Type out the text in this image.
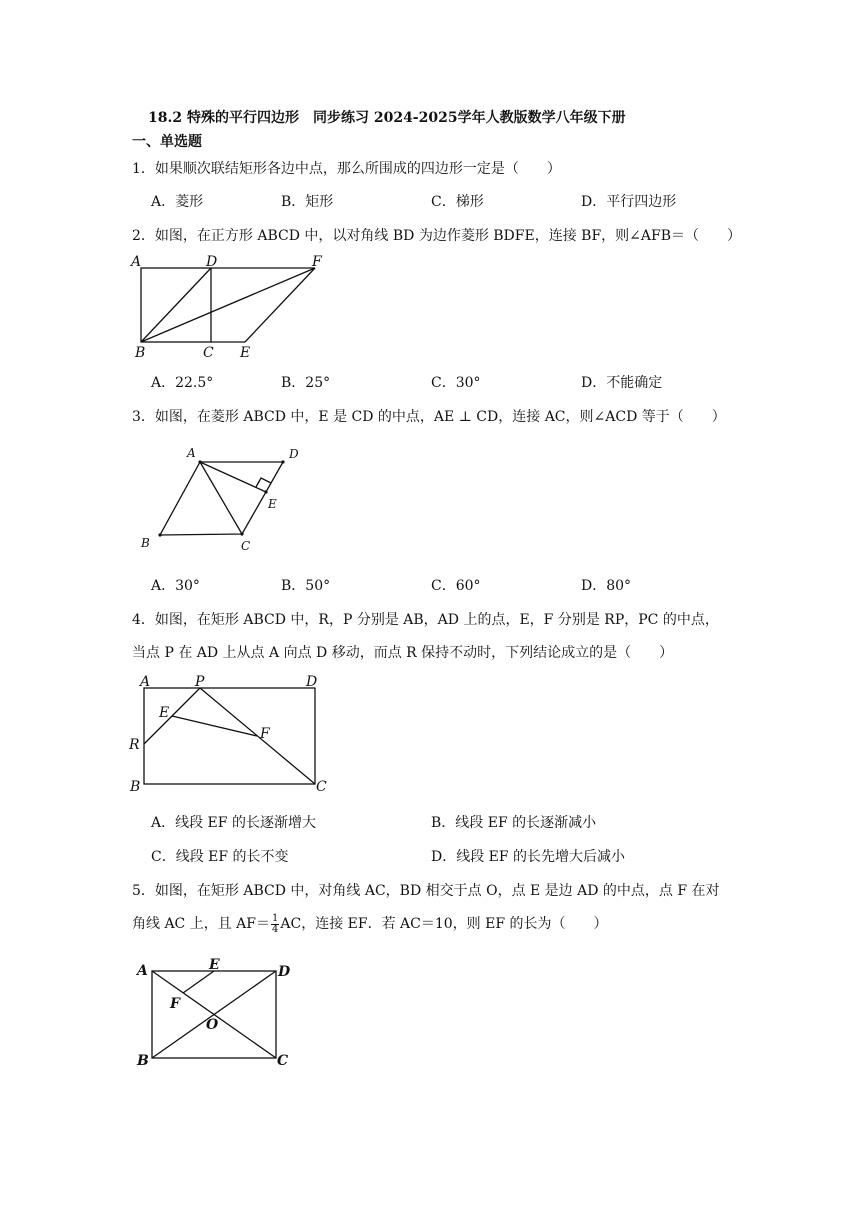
18.2 特殊的平行四边形　同步练习 2024-2025学年人教版数学八年级下册
一、单选题
1．如果顺次联结矩形各边中点，那么所围成的四边形一定是（　　）
A．菱形	B．矩形	C．梯形	D．平行四边形
2．如图，在正方形 ABCD 中，以对角线 BD 为边作菱形 BDFE，连接 BF，则∠AFB＝（　　）
A	D	F
B	C E
A．22.5°	B．25°	C．30°	D．不能确定
3．如图，在菱形 ABCD 中，E 是 CD 的中点，AE ⊥ CD，连接 AC，则∠ACD 等于（　　）
A	D
E
B	C
A．30°	B．50°	C．60°	D．80°
4．如图，在矩形 ABCD 中，R，P 分别是 AB，AD 上的点，E，F 分别是 RP，PC 的中点，
当点 P 在 AD 上从点 A 向点 D 移动，而点 R 保持不动时，下列结论成立的是（　　）
A	P	D
E
F
R
B	C
A．线段 EF 的长逐渐增大	B．线段 EF 的长逐渐减小
C．线段 EF 的长不变	D．线段 EF 的长先增大后减小
5．如图，在矩形 ABCD 中，对角线 AC，BD 相交于点 O，点 E 是边 AD 的中点，点 F 在对
角线 AC 上，且 $AF= \frac{1}{4}$ AC，连接 EF．若 AC＝10，则 EF 的长为（　　）
A	E	D
F
O
B	C
